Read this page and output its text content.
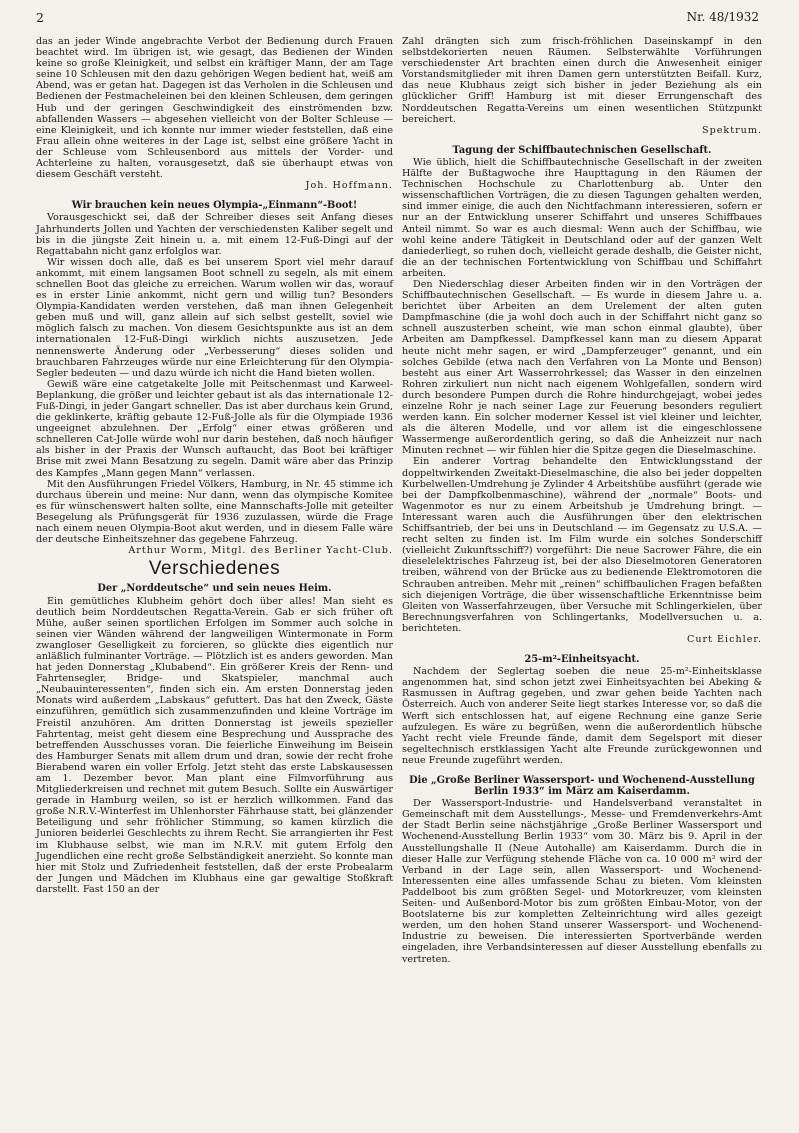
2	Nr. 48/1932

das an jeder Winde angebrachte Verbot der Bedienung durch Frauen beachtet wird. Im übrigen ist, wie gesagt, das Bedienen der Winden keine so große Kleinigkeit, und selbst ein kräftiger Mann, der am Tage seine 10 Schleusen mit den dazu gehörigen Wegen bedient hat, weiß am Abend, was er getan hat. Dagegen ist das Verholen in die Schleusen und Bedienen der Festmacheleinen bei den kleinen Schleusen, dem geringen Hub und der geringen Geschwindigkeit des einströmenden bzw. abfallenden Wassers — abgesehen vielleicht von der Bolter Schleuse — eine Kleinigkeit, und ich konnte nur immer wieder feststellen, daß eine Frau allein ohne weiteres in der Lage ist, selbst eine größere Yacht in der Schleuse vom Schleusenbord aus mittels der Vorder- und Achterleine zu halten, vorausgesetzt, daß sie überhaupt etwas von diesem Geschäft versteht.

Joh. Hoffmann.

Wir brauchen kein neues Olympia-„Einmann“-Boot!

Vorausgeschickt sei, daß der Schreiber dieses seit Anfang dieses Jahrhunderts Jollen und Yachten der verschiedensten Kaliber segelt und bis in die jüngste Zeit hinein u. a. mit einem 12-Fuß-Dingi auf der Regattabahn nicht ganz erfolglos war.

Wir wissen doch alle, daß es bei unserem Sport viel mehr darauf ankommt, mit einem langsamen Boot schnell zu segeln, als mit einem schnellen Boot das gleiche zu erreichen. Warum wollen wir das, worauf es in erster Linie ankommt, nicht gern und willig tun? Besonders Olympia-Kandidaten werden verstehen, daß man ihnen Gelegenheit geben muß und will, ganz allein auf sich selbst gestellt, soviel wie möglich falsch zu machen. Von diesem Gesichtspunkte aus ist an dem internationalen 12-Fuß-Dingi wirklich nichts auszusetzen. Jede nennenswerte Änderung oder „Verbesserung“ dieses soliden und brauchbaren Fahrzeuges würde nur eine Erleichterung für den Olympia-Segler bedeuten — und dazu würde ich nicht die Hand bieten wollen.

Gewiß wäre eine catgetakelte Jolle mit Peitschenmast und Karweel-Beplankung, die größer und leichter gebaut ist als das internationale 12-Fuß-Dingi, in jeder Gangart schneller. Das ist aber durchaus kein Grund, die geklinkerte, kräftig gebaute 12-Fuß-Jolle als für die Olympiade 1936 ungeeignet abzulehnen. Der „Erfolg“ einer etwas größeren und schnelleren Cat-Jolle würde wohl nur darin bestehen, daß noch häufiger als bisher in der Praxis der Wunsch auftaucht, das Boot bei kräftiger Brise mit zwei Mann Besatzung zu segeln. Damit wäre aber das Prinzip des Kampfes „Mann gegen Mann“ verlassen.

Mit den Ausführungen Friedel Völkers, Hamburg, in Nr. 45 stimme ich durchaus überein und meine: Nur dann, wenn das olympische Komitee es für wünschenswert halten sollte, eine Mannschafts-Jolle mit geteilter Besegelung als Prüfungsgerät für 1936 zuzulassen, würde die Frage nach einem neuen Olympia-Boot akut werden, und in diesem Falle wäre der deutsche Einheitszehner das gegebene Fahrzeug.

Arthur Worm, Mitgl. des Berliner Yacht-Club.

Verschiedenes
Der „Norddeutsche“ und sein neues Heim.

Ein gemütliches Klubheim gehört doch über alles! Man sieht es deutlich beim Norddeutschen Regatta-Verein. Gab er sich früher oft Mühe, außer seinen sportlichen Erfolgen im Sommer auch solche in seinen vier Wänden während der langweiligen Wintermonate in Form zwangloser Geselligkeit zu forcieren, so glückte dies eigentlich nur anläßlich fulminanter Vorträge. — Plötzlich ist es anders geworden. Man hat jeden Donnerstag „Klubabend“. Ein größerer Kreis der Renn- und Fahrtensegler, Bridge- und Skatspieler, manchmal auch „Neubauinteressenten“, finden sich ein. Am ersten Donnerstag jeden Monats wird außerdem „Labskaus“ gefuttert. Das hat den Zweck, Gäste einzuführen, gemütlich sich zusammenzufinden und kleine Vorträge im Freistil anzuhören. Am dritten Donnerstag ist jeweils spezieller Fahrtentag, meist geht diesem eine Besprechung und Aussprache des betreffenden Ausschusses voran. Die feierliche Einweihung im Beisein des Hamburger Senats mit allem drum und dran, sowie der recht frohe Bierabend waren ein voller Erfolg. Jetzt steht das erste Labskausessen am 1. Dezember bevor. Man plant eine Filmvorführung aus Mitgliederkreisen und rechnet mit gutem Besuch. Sollte ein Auswärtiger gerade in Hamburg weilen, so ist er herzlich willkommen. Fand das große N.R.V.-Winterfest im Uhlenhorster Fährhause statt, bei glänzender Beteiligung und sehr fröhlicher Stimmung, so kamen kürzlich die Junioren beiderlei Geschlechts zu ihrem Recht. Sie arrangierten ihr Fest im Klubhause selbst, wie man im N.R.V. mit gutem Erfolg den Jugendlichen eine recht große Selbständigkeit anerzieht. So konnte man hier mit Stolz und Zufriedenheit feststellen, daß der erste Probealarm der Jungen und Mädchen im Klubhaus eine gar gewaltige Stoßkraft darstellt. Fast 150 an der

Zahl drängten sich zum frisch-fröhlichen Daseinskampf in den selbstdekorierten neuen Räumen. Selbsterwählte Vorführungen verschiedenster Art brachten einen durch die Anwesenheit einiger Vorstandsmitglieder mit ihren Damen gern unterstützten Beifall. Kurz, das neue Klubhaus zeigt sich bisher in jeder Beziehung als ein glücklicher Griff! Hamburg ist mit dieser Errungenschaft des Norddeutschen Regatta-Vereins um einen wesentlichen Stützpunkt bereichert.

Spektrum.

Tagung der Schiffbautechnischen Gesellschaft.

Wie üblich, hielt die Schiffbautechnische Gesellschaft in der zweiten Hälfte der Bußtagwoche ihre Haupttagung in den Räumen der Technischen Hochschule zu Charlottenburg ab. Unter den wissenschaftlichen Vorträgen, die zu diesen Tagungen gehalten werden, sind immer einige, die auch den Nichtfachmann interessieren, sofern er nur an der Entwicklung unserer Schiffahrt und unseres Schiffbaues Anteil nimmt. So war es auch diesmal: Wenn auch der Schiffbau, wie wohl keine andere Tätigkeit in Deutschland oder auf der ganzen Welt daniederliegt, so ruhen doch, vielleicht gerade deshalb, die Geister nicht, die an der technischen Fortentwicklung von Schiffbau und Schiffahrt arbeiten.

Den Niederschlag dieser Arbeiten finden wir in den Vorträgen der Schiffbautechnischen Gesellschaft. — Es wurde in diesem Jahre u. a. berichtet über Arbeiten an dem Urelement der alten guten Dampfmaschine (die ja wohl doch auch in der Schiffahrt nicht ganz so schnell auszusterben scheint, wie man schon einmal glaubte), über Arbeiten am Dampfkessel. Dampfkessel kann man zu diesem Apparat heute nicht mehr sagen, er wird „Dampferzeuger“ genannt, und ein solches Gebilde (etwa nach den Verfahren von La Monte und Benson) besteht aus einer Art Wasserrohrkessel; das Wasser in den einzelnen Rohren zirkuliert nun nicht nach eigenem Wohlgefallen, sondern wird durch besondere Pumpen durch die Rohre hindurchgejagt, wobei jedes einzelne Rohr je nach seiner Lage zur Feuerung besonders reguliert werden kann. Ein solcher moderner Kessel ist viel kleiner und leichter, als die älteren Modelle, und vor allem ist die eingeschlossene Wassermenge außerordentlich gering, so daß die Anheizzeit nur nach Minuten rechnet — wir fühlen hier die Spitze gegen die Dieselmaschine.

Ein anderer Vortrag behandelte den Entwicklungsstand der doppeltwirkenden Zweitakt-Dieselmaschine, die also bei jeder doppelten Kurbelwellen-Umdrehung je Zylinder 4 Arbeitshübe ausführt (gerade wie bei der Dampfkolbenmaschine), während der „normale“ Boots- und Wagenmotor es nur zu einem Arbeitshub je Umdrehung bringt. — Interessant waren auch die Ausführungen über den elektrischen Schiffsantrieb, der bei uns in Deutschland — im Gegensatz zu U.S.A. — recht selten zu finden ist. Im Film wurde ein solches Sonderschiff (vielleicht Zukunftsschiff?) vorgeführt: Die neue Sacrower Fähre, die ein dieselelektrisches Fahrzeug ist, bei der also Dieselmotoren Generatoren treiben, während von der Brücke aus zu bedienende Elektromotoren die Schrauben antreiben. Mehr mit „reinen“ schiffbaulichen Fragen befaßten sich diejenigen Vorträge, die über wissenschaftliche Erkenntnisse beim Gleiten von Wasserfahrzeugen, über Versuche mit Schlingerkielen, über Berechnungsverfahren von Schlingertanks, Modellversuchen u. a. berichteten.

Curt Eichler.

25-m²-Einheitsyacht.

Nachdem der Seglertag soeben die neue 25-m²-Einheitsklasse angenommen hat, sind schon jetzt zwei Einheitsyachten bei Abeking & Rasmussen in Auftrag gegeben, und zwar gehen beide Yachten nach Österreich. Auch von anderer Seite liegt starkes Interesse vor, so daß die Werft sich entschlossen hat, auf eigene Rechnung eine ganze Serie aufzulegen. Es wäre zu begrüßen, wenn die außerordentlich hübsche Yacht recht viele Freunde fände, damit dem Segelsport mit dieser segeltechnisch erstklassigen Yacht alte Freunde zurückgewonnen und neue Freunde zugeführt werden.

Die „Große Berliner Wassersport- und Wochenend-Ausstellung Berlin 1933“ im März am Kaiserdamm.

Der Wassersport-Industrie- und Handelsverband veranstaltet in Gemeinschaft mit dem Ausstellungs-, Messe- und Fremdenverkehrs-Amt der Stadt Berlin seine nächstjährige „Große Berliner Wassersport und Wochenend-Ausstellung Berlin 1933“ vom 30. März bis 9. April in der Ausstellungshalle II (Neue Autohalle) am Kaiserdamm. Durch die in dieser Halle zur Verfügung stehende Fläche von ca. 10 000 m² wird der Verband in der Lage sein, allen Wassersport- und Wochenend-Interessenten eine alles umfassende Schau zu bieten. Vom kleinsten Paddelboot bis zum größten Segel- und Motorkreuzer, vom kleinsten Seiten- und Außenbord-Motor bis zum größten Einbau-Motor, von der Bootslaterne bis zur kompletten Zelteinrichtung wird alles gezeigt werden, um den hohen Stand unserer Wassersport- und Wochenend-Industrie zu beweisen. Die interessierten Sportverbände werden eingeladen, ihre Verbandsinteressen auf dieser Ausstellung ebenfalls zu vertreten.
